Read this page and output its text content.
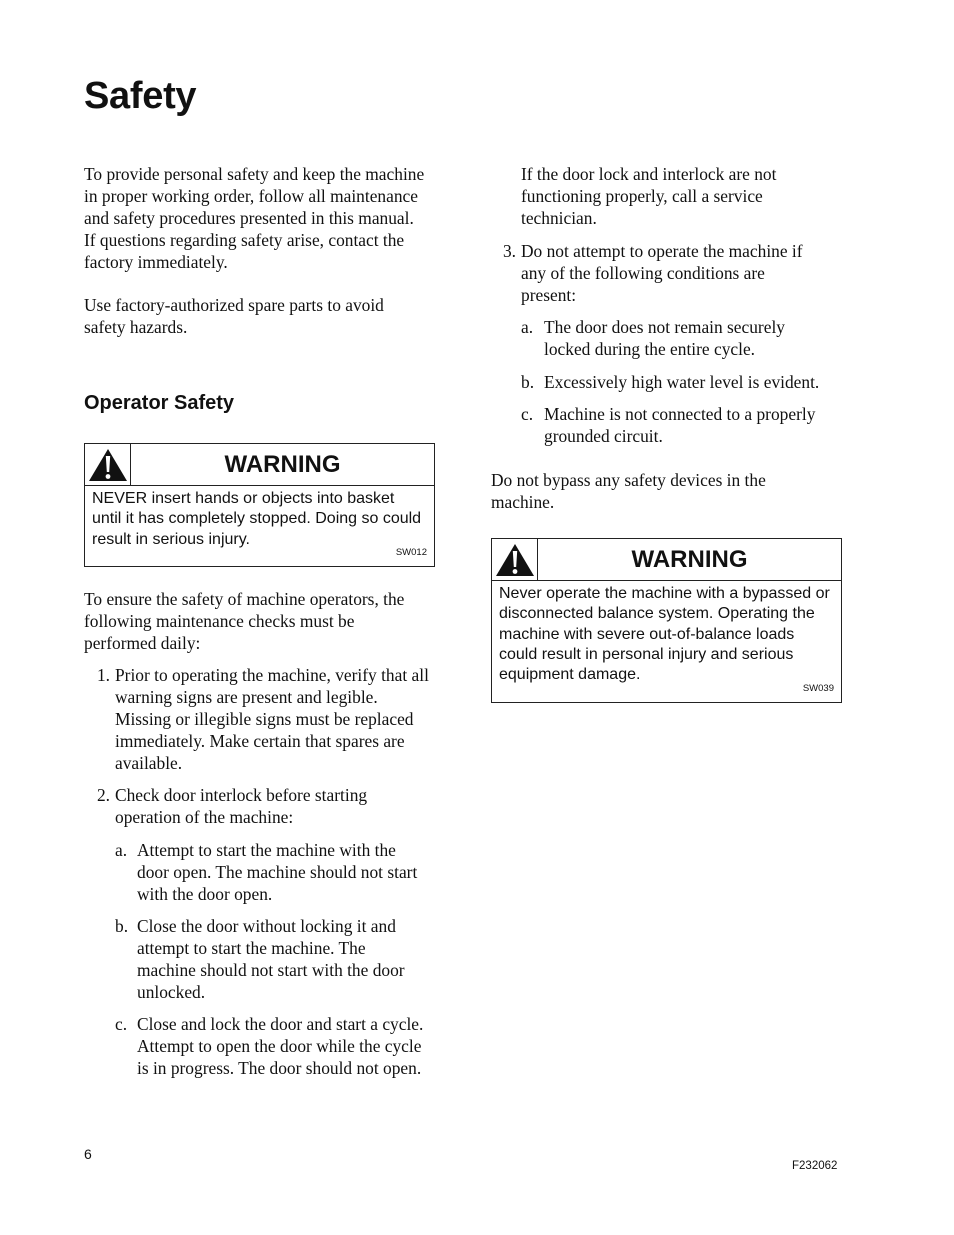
Safety

To provide personal safety and keep the machine in proper working order, follow all maintenance and safety procedures presented in this manual. If questions regarding safety arise, contact the factory immediately.

Use factory-authorized spare parts to avoid safety hazards.

Operator Safety
WARNING
NEVER insert hands or objects into basket until it has completely stopped. Doing so could result in serious injury.
SW012

To ensure the safety of machine operators, the following maintenance checks must be performed daily:

1. Prior to operating the machine, verify that all warning signs are present and legible. Missing or illegible signs must be replaced immediately. Make certain that spares are available.

2. Check door interlock before starting operation of the machine:

a. Attempt to start the machine with the door open. The machine should not start with the door open.

b. Close the door without locking it and attempt to start the machine. The machine should not start with the door unlocked.

c. Close and lock the door and start a cycle. Attempt to open the door while the cycle is in progress. The door should not open.

If the door lock and interlock are not functioning properly, call a service technician.

3. Do not attempt to operate the machine if any of the following conditions are present:

a. The door does not remain securely locked during the entire cycle.

b. Excessively high water level is evident.

c. Machine is not connected to a properly grounded circuit.

Do not bypass any safety devices in the machine.

WARNING
Never operate the machine with a bypassed or disconnected balance system. Operating the machine with severe out-of-balance loads could result in personal injury and serious equipment damage.
SW039
6
F232062
